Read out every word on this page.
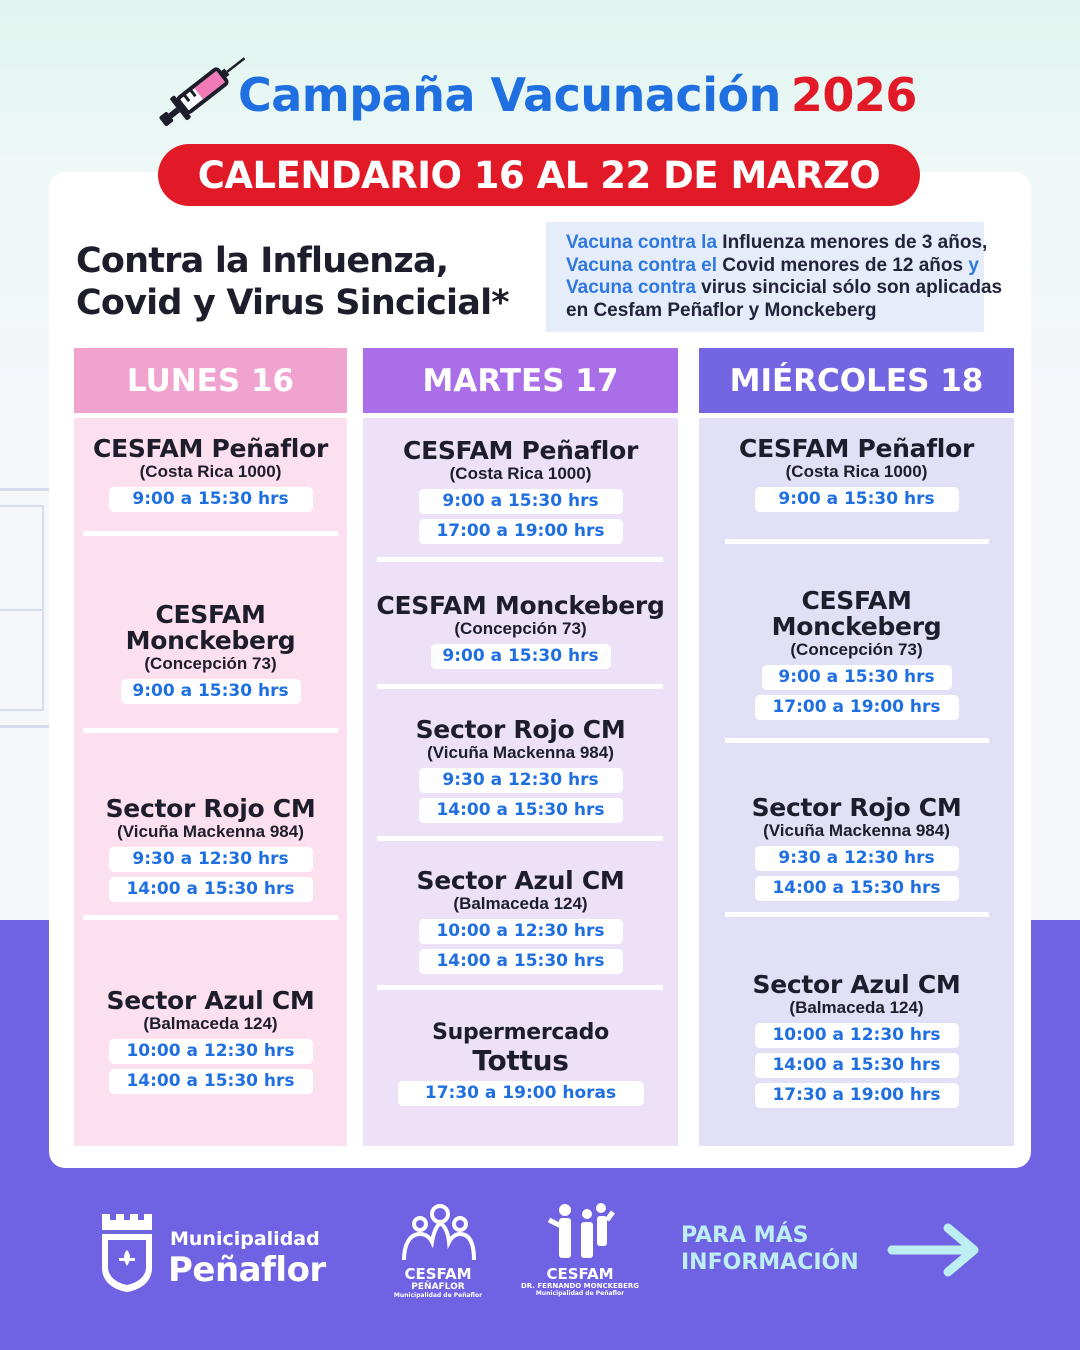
Campaña Vacunación 2026
CALENDARIO 16 AL 22 DE MARZO
Contra la Influenza,
Covid y Virus Sincicial*
Vacuna contra la Influenza menores de 3 años,
Vacuna contra el Covid menores de 12 años y
Vacuna contra virus sincicial sólo son aplicadas
en Cesfam Peñaflor y Monckeberg
LUNES 16	MARTES 17	MIÉRCOLES 18
CESFAM Peñaflor
(Costa Rica 1000)
9:00 a 15:30 hrs
CESFAM
Monckeberg
(Concepción 73)
9:00 a 15:30 hrs
Sector Rojo CM
(Vicuña Mackenna 984)
9:30 a 12:30 hrs
14:00 a 15:30 hrs
Sector Azul CM
(Balmaceda 124)
10:00 a 12:30 hrs
14:00 a 15:30 hrs
CESFAM Peñaflor
(Costa Rica 1000)
9:00 a 15:30 hrs
17:00 a 19:00 hrs
CESFAM Monckeberg
(Concepción 73)
9:00 a 15:30 hrs
Sector Rojo CM
(Vicuña Mackenna 984)
9:30 a 12:30 hrs
14:00 a 15:30 hrs
Sector Azul CM
(Balmaceda 124)
10:00 a 12:30 hrs
14:00 a 15:30 hrs
Supermercado
Tottus
17:30 a 19:00 horas
CESFAM Peñaflor
(Costa Rica 1000)
9:00 a 15:30 hrs
CESFAM
Monckeberg
(Concepción 73)
9:00 a 15:30 hrs
17:00 a 19:00 hrs
Sector Rojo CM
(Vicuña Mackenna 984)
9:30 a 12:30 hrs
14:00 a 15:30 hrs
Sector Azul CM
(Balmaceda 124)
10:00 a 12:30 hrs
14:00 a 15:30 hrs
17:30 a 19:00 hrs
Municipalidad
Peñaflor	CESFAM
PEÑAFLOR
Municipalidad de Peñaflor
CESFAM
DR. FERNANDO MONCKEBERG
Municipalidad de Peñaflor
PARA MÁS
INFORMACIÓN
